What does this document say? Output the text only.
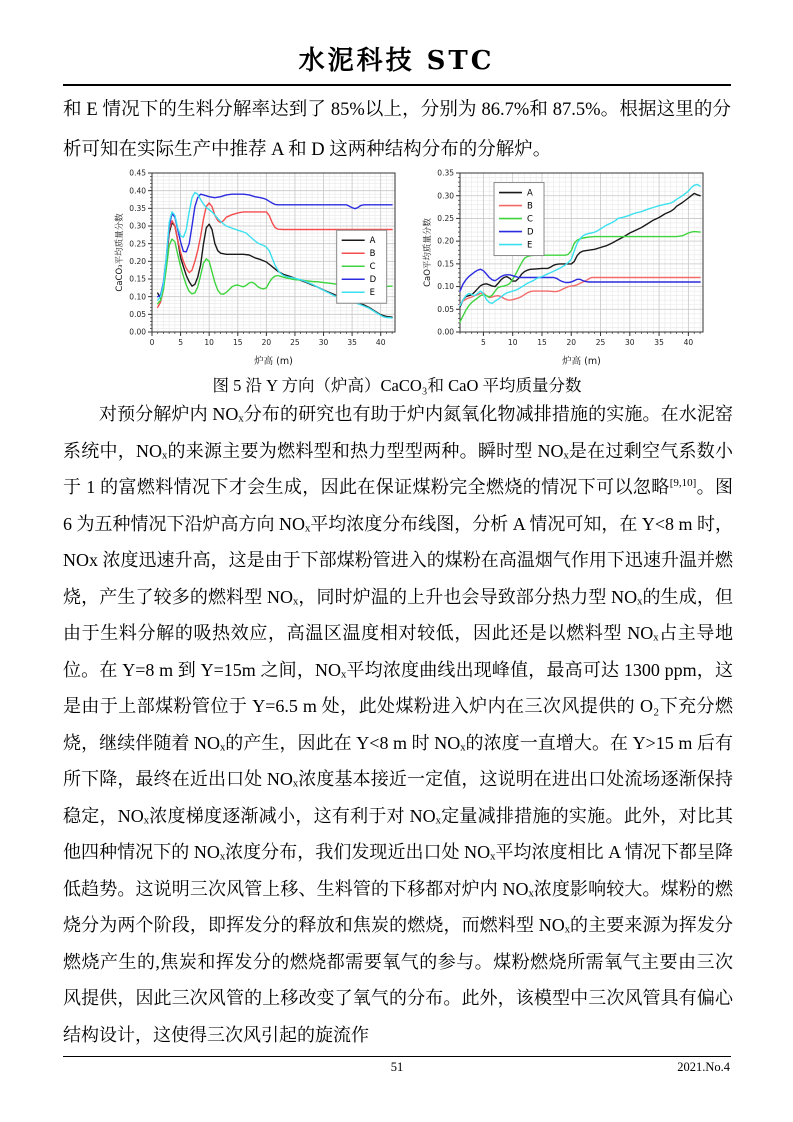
水泥科技 STC

和 E 情况下的生料分解率达到了 85%以上，分别为 86.7%和 87.5%。根据这里的分析可知在实际生产中推荐 A 和 D 这两种结构分布的分解炉。

0	5	10	15	20	25	30	35	40
0.00
0.05
0.10
0.15
0.20
0.25
0.30
0.35
0.40
0.45
A
B
C
D
E
炉高 (m)
CaCO₃平均质量分数
5	10	15	20	25	30	35	40
0.00
0.05
0.10
0.15
0.20
0.25
0.30
0.35
A
B
C
D
E
炉高 (m)
CaO平均质量分数
图 5 沿 Y 方向（炉高）CaCO₃和 CaO 平均质量分数

对预分解炉内 NOₓ分布的研究也有助于炉内氮氧化物减排措施的实施。在水泥窑系统中，NOₓ的来源主要为燃料型和热力型型两种。瞬时型 NOₓ是在过剩空气系数小于 1 的富燃料情况下才会生成，因此在保证煤粉完全燃烧的情况下可以忽略[9,10]。图 6 为五种情况下沿炉高方向 NOₓ平均浓度分布线图，分析 A 情况可知，在 Y<8 m 时，NOx 浓度迅速升高，这是由于下部煤粉管进入的煤粉在高温烟气作用下迅速升温并燃烧，产生了较多的燃料型 NOₓ，同时炉温的上升也会导致部分热力型 NOₓ的生成，但由于生料分解的吸热效应，高温区温度相对较低，因此还是以燃料型 NOₓ占主导地位。在 Y=8 m 到 Y=15m 之间，NOₓ平均浓度曲线出现峰值，最高可达 1300 ppm，这是由于上部煤粉管位于 Y=6.5 m 处，此处煤粉进入炉内在三次风提供的 O₂下充分燃烧，继续伴随着 NOₓ的产生，因此在 Y<8 m 时 NOₓ的浓度一直增大。在 Y>15 m 后有所下降，最终在近出口处 NOₓ浓度基本接近一定值，这说明在进出口处流场逐渐保持稳定，NOₓ浓度梯度逐渐减小，这有利于对 NOₓ定量减排措施的实施。此外，对比其他四种情况下的 NOₓ浓度分布，我们发现近出口处 NOₓ平均浓度相比 A 情况下都呈降低趋势。这说明三次风管上移、生料管的下移都对炉内 NOₓ浓度影响较大。煤粉的燃烧分为两个阶段，即挥发分的释放和焦炭的燃烧，而燃料型 NOₓ的主要来源为挥发分燃烧产生的,焦炭和挥发分的燃烧都需要氧气的参与。煤粉燃烧所需氧气主要由三次风提供，因此三次风管的上移改变了氧气的分布。此外，该模型中三次风管具有偏心结构设计，这使得三次风引起的旋流作

51	2021.No.4
